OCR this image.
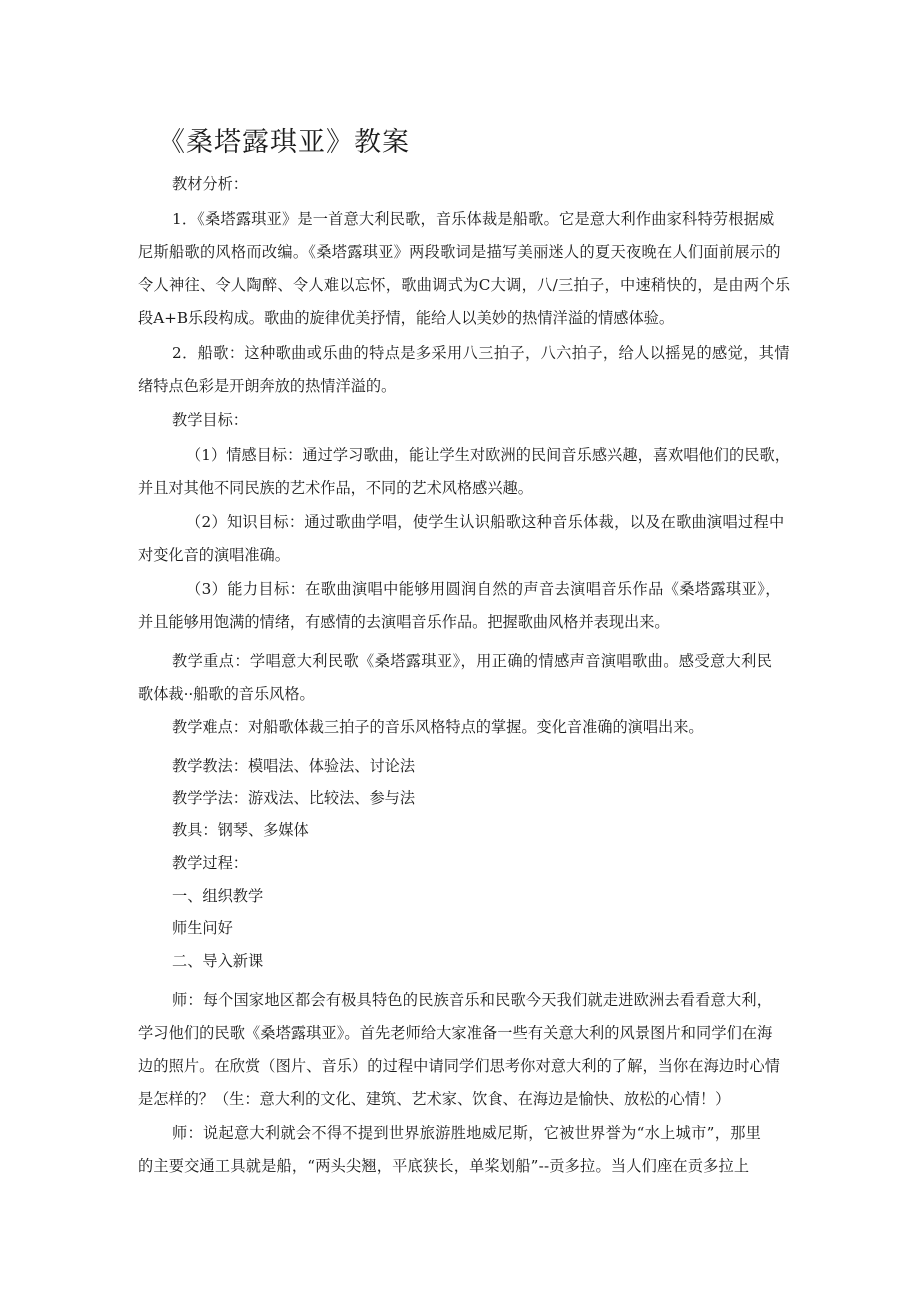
《桑塔露琪亚》教案

教材分析：

1．《桑塔露琪亚》是一首意大利民歌，音乐体裁是船歌。它是意大利作曲家科特劳根据威

尼斯船歌的风格而改编。《桑塔露琪亚》两段歌词是描写美丽迷人的夏天夜晚在人们面前展示的

令人神往、令人陶醉、令人难以忘怀，歌曲调式为C大调，八/三拍子，中速稍快的，是由两个乐

段A+B乐段构成。歌曲的旋律优美抒情，能给人以美妙的热情洋溢的情感体验。

2．船歌：这种歌曲或乐曲的特点是多采用八三拍子，八六拍子，给人以摇晃的感觉，其情

绪特点色彩是开朗奔放的热情洋溢的。

教学目标：

（1）情感目标：通过学习歌曲，能让学生对欧洲的民间音乐感兴趣，喜欢唱他们的民歌，

并且对其他不同民族的艺术作品，不同的艺术风格感兴趣。

（2）知识目标：通过歌曲学唱，使学生认识船歌这种音乐体裁，以及在歌曲演唱过程中

对变化音的演唱准确。

（3）能力目标：在歌曲演唱中能够用圆润自然的声音去演唱音乐作品《桑塔露琪亚》，

并且能够用饱满的情绪，有感情的去演唱音乐作品。把握歌曲风格并表现出来。

教学重点：学唱意大利民歌《桑塔露琪亚》，用正确的情感声音演唱歌曲。感受意大利民

歌体裁··船歌的音乐风格。

教学难点：对船歌体裁三拍子的音乐风格特点的掌握。变化音准确的演唱出来。

教学教法：模唱法、体验法、讨论法

教学学法：游戏法、比较法、参与法

教具：钢琴、多媒体

教学过程：

一、组织教学

师生问好

二、导入新课

师：每个国家地区都会有极具特色的民族音乐和民歌今天我们就走进欧洲去看看意大利，

学习他们的民歌《桑塔露琪亚》。首先老师给大家准备一些有关意大利的风景图片和同学们在海

边的照片。在欣赏（图片、音乐）的过程中请同学们思考你对意大利的了解，当你在海边时心情

是怎样的？（生：意大利的文化、建筑、艺术家、饮食、在海边是愉快、放松的心情！）

师：说起意大利就会不得不提到世界旅游胜地威尼斯，它被世界誉为“水上城市”，那里

的主要交通工具就是船，“两头尖翘，平底狭长，单桨划船”--贡多拉。当人们座在贡多拉上
